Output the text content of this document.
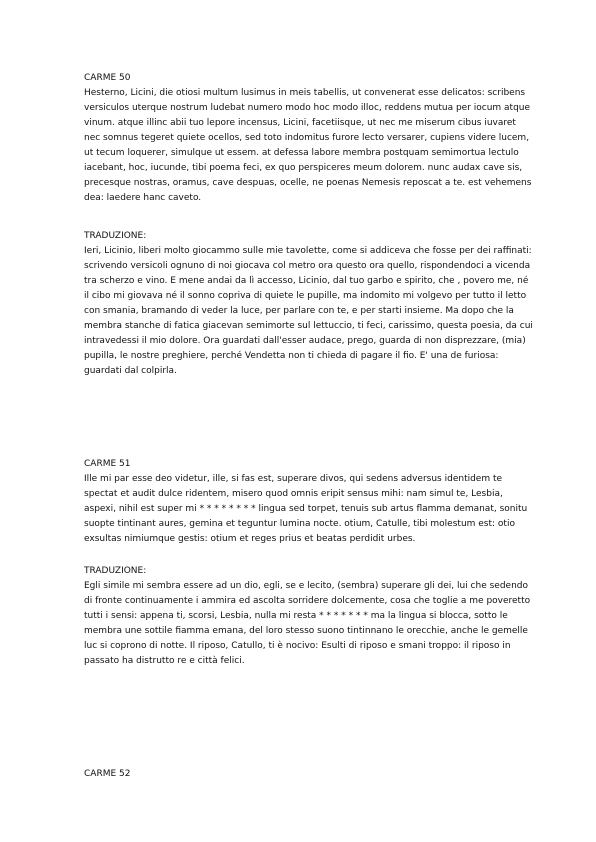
CARME 50
Hesterno, Licini, die otiosi multum lusimus in meis tabellis, ut convenerat esse delicatos: scribens
versiculos uterque nostrum ludebat numero modo hoc modo illoc, reddens mutua per iocum atque
vinum. atque illinc abii tuo lepore incensus, Licini, facetiisque, ut nec me miserum cibus iuvaret
nec somnus tegeret quiete ocellos, sed toto indomitus furore lecto versarer, cupiens videre lucem,
ut tecum loquerer, simulque ut essem. at defessa labore membra postquam semimortua lectulo
iacebant, hoc, iucunde, tibi poema feci, ex quo perspiceres meum dolorem. nunc audax cave sis,
precesque nostras, oramus, cave despuas, ocelle, ne poenas Nemesis reposcat a te. est vehemens
dea: laedere hanc caveto.
TRADUZIONE:
Ieri, Licinio, liberi molto giocammo sulle mie tavolette, come si addiceva che fosse per dei raffinati:
scrivendo versicoli ognuno di noi giocava col metro ora questo ora quello, rispondendoci a vicenda
tra scherzo e vino. E mene andai da lì accesso, Licinio, dal tuo garbo e spirito, che , povero me, né
il cibo mi giovava né il sonno copriva di quiete le pupille, ma indomito mi volgevo per tutto il letto
con smania, bramando di veder la luce, per parlare con te, e per starti insieme. Ma dopo che la
membra stanche di fatica giacevan semimorte sul lettuccio, ti feci, carissimo, questa poesia, da cui
intravedessi il mio dolore. Ora guardati dall'esser audace, prego, guarda di non disprezzare, (mia)
pupilla, le nostre preghiere, perché Vendetta non ti chieda di pagare il fio. E' una de furiosa:
guardati dal colpirla.
CARME 51
Ille mi par esse deo videtur, ille, si fas est, superare divos, qui sedens adversus identidem te
spectat et audit dulce ridentem, misero quod omnis eripit sensus mihi: nam simul te, Lesbia,
aspexi, nihil est super mi * * * * * * * * lingua sed torpet, tenuis sub artus flamma demanat, sonitu
suopte tintinant aures, gemina et teguntur lumina nocte. otium, Catulle, tibi molestum est: otio
exsultas nimiumque gestis: otium et reges prius et beatas perdidit urbes.
TRADUZIONE:
Egli simile mi sembra essere ad un dio, egli, se e lecito, (sembra) superare gli dei, lui che sedendo
di fronte continuamente i ammira ed ascolta sorridere dolcemente, cosa che toglie a me poveretto
tutti i sensi: appena ti, scorsi, Lesbia, nulla mi resta * * * * * * * ma la lingua si blocca, sotto le
membra une sottile fiamma emana, del loro stesso suono tintinnano le orecchie, anche le gemelle
luc si coprono di notte. Il riposo, Catullo, ti è nocivo: Esulti di riposo e smani troppo: il riposo in
passato ha distrutto re e città felici.
CARME 52
